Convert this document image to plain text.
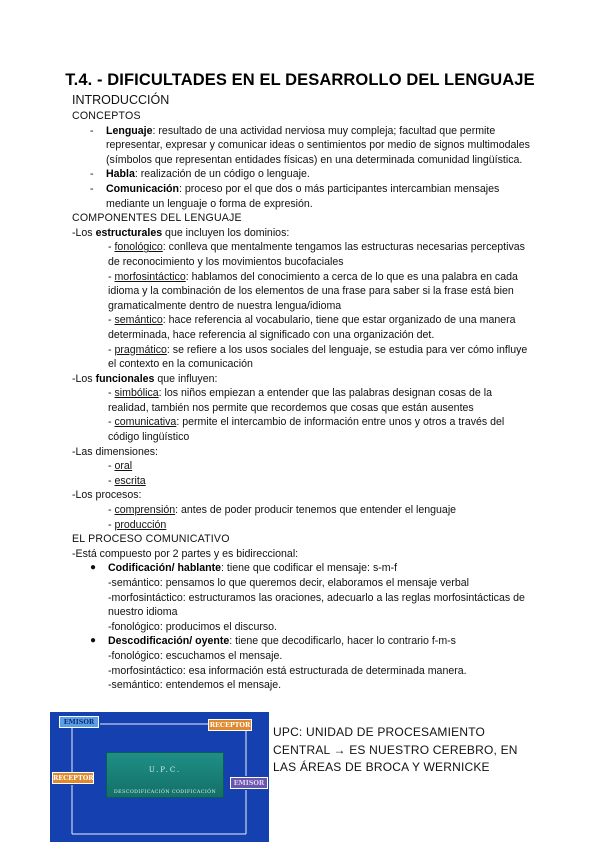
T.4. - DIFICULTADES EN EL DESARROLLO DEL LENGUAJE
INTRODUCCIÓN
CONCEPTOS
- Lenguaje: resultado de una actividad nerviosa muy compleja; facultad que permite representar, expresar y comunicar ideas o sentimientos por medio de signos multimodales (símbolos que representan entidades físicas) en una determinada comunidad lingüística.
- Habla: realización de un código o lenguaje.
- Comunicación: proceso por el que dos o más participantes intercambian mensajes mediante un lenguaje o forma de expresión.
COMPONENTES DEL LENGUAJE
-Los estructurales que incluyen los dominios:
- fonológico: conlleva que mentalmente tengamos las estructuras necesarias perceptivas de reconocimiento y los movimientos bucofaciales
- morfosintáctico: hablamos del conocimiento a cerca de lo que es una palabra en cada idioma y la combinación de los elementos de una frase para saber si la frase está bien gramaticalmente dentro de nuestra lengua/idioma
- semántico: hace referencia al vocabulario, tiene que estar organizado de una manera determinada, hace referencia al significado con una organización det.
- pragmático: se refiere a los usos sociales del lenguaje, se estudia para ver cómo influye el contexto en la comunicación
-Los funcionales que influyen:
- simbólica: los niños empiezan a entender que las palabras designan cosas de la realidad, también nos permite que recordemos que cosas que están ausentes
- comunicativa: permite el intercambio de información entre unos y otros a través del código lingüístico
-Las dimensiones:
- oral
- escrita
-Los procesos:
- comprensión: antes de poder producir tenemos que entender el lenguaje
- producción
EL PROCESO COMUNICATIVO
-Está compuesto por 2 partes y es bidireccional:
● Codificación/ hablante: tiene que codificar el mensaje: s-m-f
-semántico: pensamos lo que queremos decir, elaboramos el mensaje verbal
-morfosintáctico: estructuramos las oraciones, adecuarlo a las reglas morfosintácticas de nuestro idioma
-fonológico: producimos el discurso.
● Descodificación/ oyente: tiene que decodificarlo, hacer lo contrario f-m-s
-fonológico: escuchamos el mensaje.
-morfosintáctico: esa información está estructurada de determinada manera.
-semántico: entendemos el mensaje.
U.P.C.
DESCODIFICACIÓN CODIFICACIÓN
EMISOR	RECEPTOR
RECEPTOR
EMISOR
UPC: UNIDAD DE PROCESAMIENTO CENTRAL → ES NUESTRO CEREBRO, EN LAS ÁREAS DE BROCA Y WERNICKE
